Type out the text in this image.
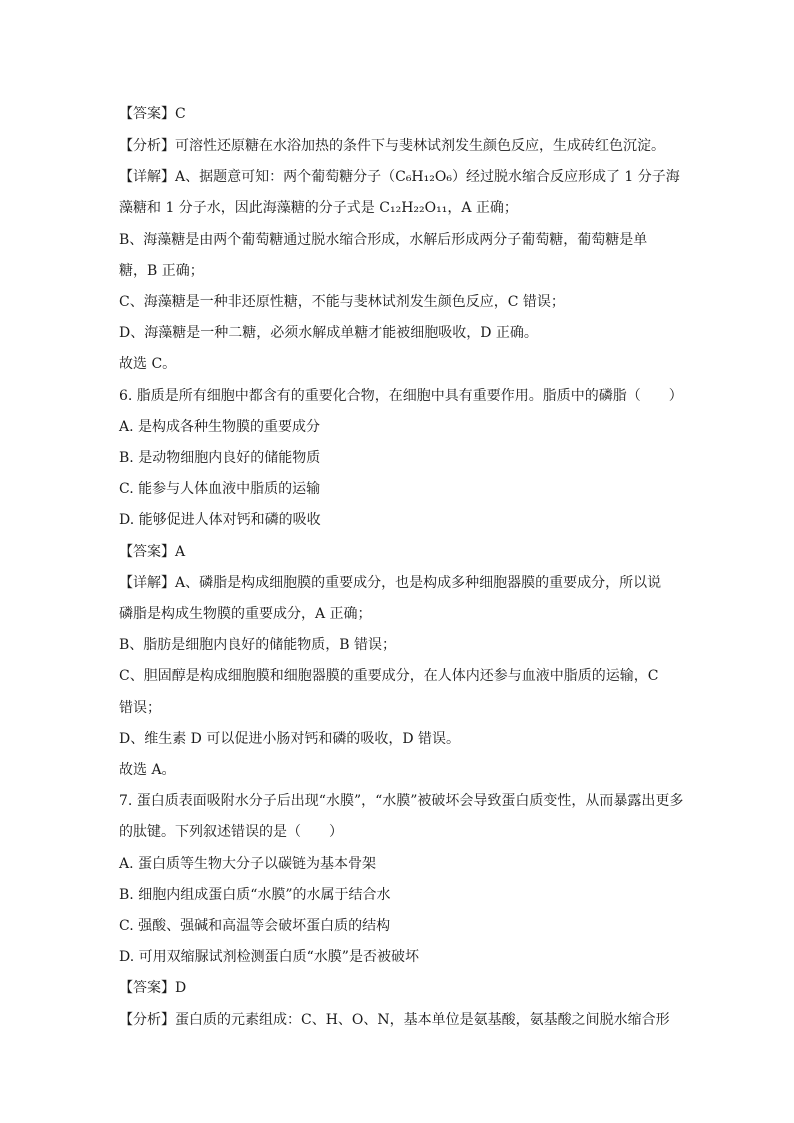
【答案】C
【分析】可溶性还原糖在水浴加热的条件下与斐林试剂发生颜色反应，生成砖红色沉淀。
【详解】A、据题意可知：两个葡萄糖分子（C₆H₁₂O₆）经过脱水缩合反应形成了 1 分子海
藻糖和 1 分子水，因此海藻糖的分子式是 C₁₂H₂₂O₁₁，A 正确；
B、海藻糖是由两个葡萄糖通过脱水缩合形成，水解后形成两分子葡萄糖，葡萄糖是单
糖，B 正确；
C、海藻糖是一种非还原性糖，不能与斐林试剂发生颜色反应，C 错误；
D、海藻糖是一种二糖，必须水解成单糖才能被细胞吸收，D 正确。
故选 C。
6. 脂质是所有细胞中都含有的重要化合物，在细胞中具有重要作用。脂质中的磷脂（　　）
A. 是构成各种生物膜的重要成分
B. 是动物细胞内良好的储能物质
C. 能参与人体血液中脂质的运输
D. 能够促进人体对钙和磷的吸收
【答案】A
【详解】A、磷脂是构成细胞膜的重要成分，也是构成多种细胞器膜的重要成分，所以说
磷脂是构成生物膜的重要成分，A 正确；
B、脂肪是细胞内良好的储能物质，B 错误；
C、胆固醇是构成细胞膜和细胞器膜的重要成分，在人体内还参与血液中脂质的运输，C
错误；
D、维生素 D 可以促进小肠对钙和磷的吸收，D 错误。
故选 A。
7. 蛋白质表面吸附水分子后出现“水膜”，“水膜”被破坏会导致蛋白质变性，从而暴露出更多
的肽键。下列叙述错误的是（　　）
A. 蛋白质等生物大分子以碳链为基本骨架
B. 细胞内组成蛋白质“水膜”的水属于结合水
C. 强酸、强碱和高温等会破坏蛋白质的结构
D. 可用双缩脲试剂检测蛋白质“水膜”是否被破坏
【答案】D
【分析】蛋白质的元素组成：C、H、O、N，基本单位是氨基酸，氨基酸之间脱水缩合形
